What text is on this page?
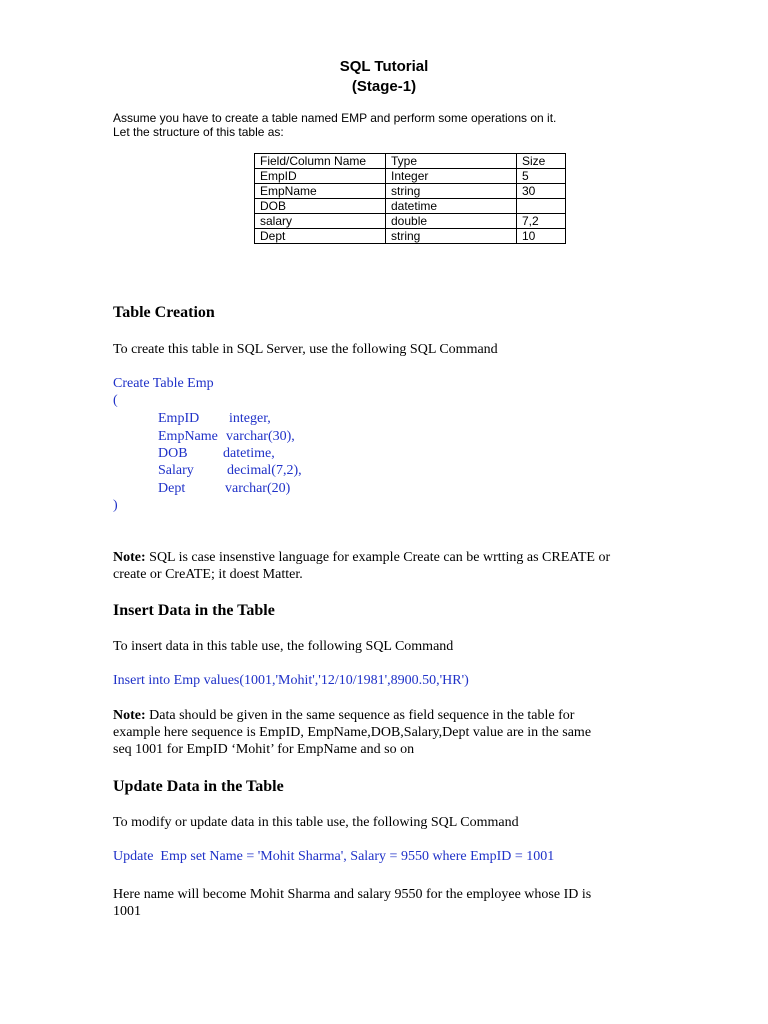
SQL Tutorial
(Stage-1)
Assume you have to create a table named EMP and perform some operations on it.
Let the structure of this table as:
Field/Column Name	Type	Size
EmpID	Integer	5
EmpName	string	30
DOB	datetime	
salary	double	7,2
Dept	string	10
Table Creation
To create this table in SQL Server, use the following SQL Command
Create Table Emp
(
EmpID integer,
EmpName varchar(30),
DOB	datetime,
Salary decimal(7,2),
Dept	varchar(20)
)
Note: SQL is case insenstive language for example Create can be wrtting as CREATE or
create or CreATE; it doest Matter.
Insert Data in the Table
To insert data in this table use, the following SQL Command
Insert into Emp values(1001,'Mohit','12/10/1981',8900.50,'HR')
Note: Data should be given in the same sequence as field sequence in the table for
example here sequence is EmpID, EmpName,DOB,Salary,Dept value are in the same
seq 1001 for EmpID ‘Mohit’ for EmpName and so on
Update Data in the Table
To modify or update data in this table use, the following SQL Command
Update  Emp set Name = 'Mohit Sharma', Salary = 9550 where EmpID = 1001
Here name will become Mohit Sharma and salary 9550 for the employee whose ID is
1001
